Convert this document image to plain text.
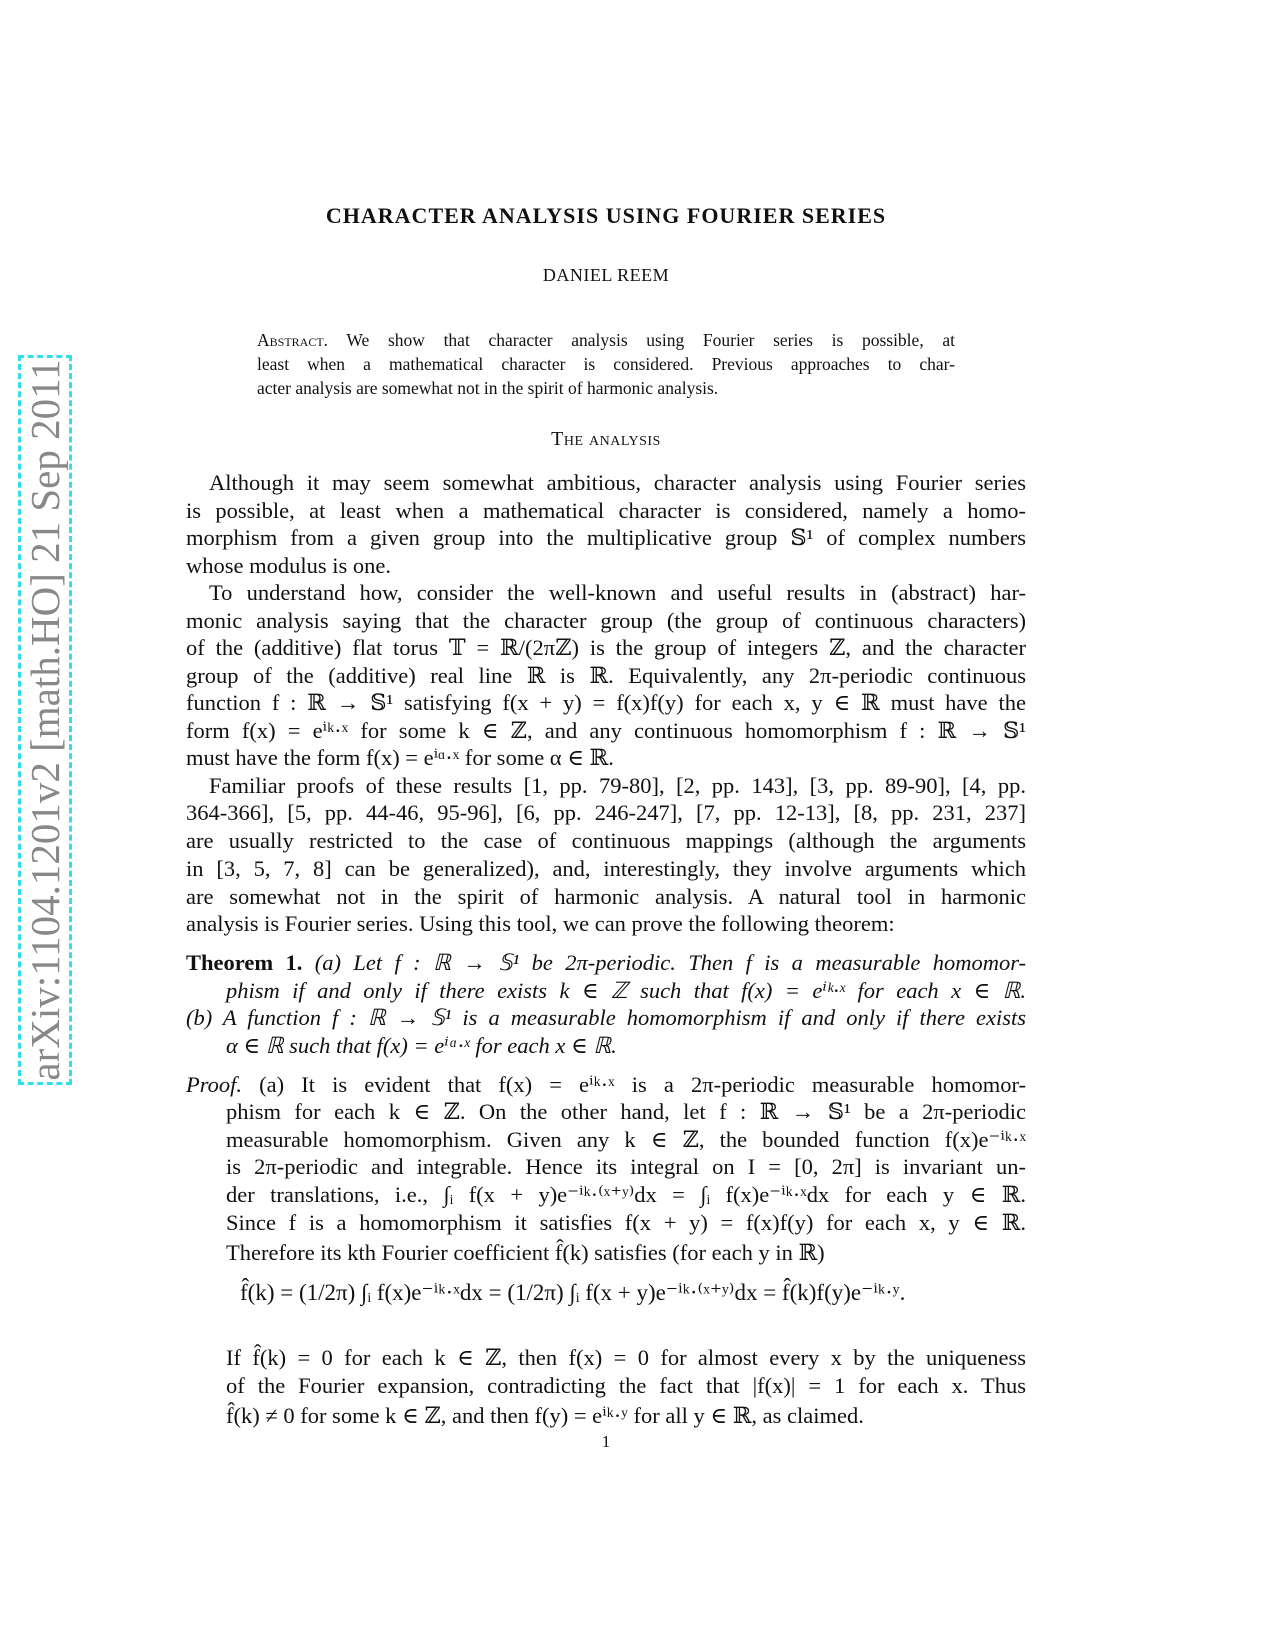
arXiv:1104.1201v2 [math.HO] 21 Sep 2011
CHARACTER ANALYSIS USING FOURIER SERIES
DANIEL REEM
Abstract. We show that character analysis using Fourier series is possible, at
least when a mathematical character is considered. Previous approaches to char-
acter analysis are somewhat not in the spirit of harmonic analysis.
The analysis
Although it may seem somewhat ambitious, character analysis using Fourier series
is possible, at least when a mathematical character is considered, namely a homo-
morphism from a given group into the multiplicative group 𝕊¹ of complex numbers
whose modulus is one.
To understand how, consider the well-known and useful results in (abstract) har-
monic analysis saying that the character group (the group of continuous characters)
of the (additive) flat torus 𝕋 = ℝ/(2πℤ) is the group of integers ℤ, and the character
group of the (additive) real line ℝ is ℝ. Equivalently, any 2π-periodic continuous
function f : ℝ → 𝕊¹ satisfying f(x + y) = f(x)f(y) for each x, y ∈ ℝ must have the
form f(x) = eⁱᵏ·ˣ for some k ∈ ℤ, and any continuous homomorphism f : ℝ → 𝕊¹
must have the form f(x) = eⁱᵅ·ˣ for some α ∈ ℝ.
Familiar proofs of these results [1, pp. 79-80], [2, pp. 143], [3, pp. 89-90], [4, pp.
364-366], [5, pp. 44-46, 95-96], [6, pp. 246-247], [7, pp. 12-13], [8, pp. 231, 237]
are usually restricted to the case of continuous mappings (although the arguments
in [3, 5, 7, 8] can be generalized), and, interestingly, they involve arguments which
are somewhat not in the spirit of harmonic analysis. A natural tool in harmonic
analysis is Fourier series. Using this tool, we can prove the following theorem:
Theorem 1. (a) Let f : ℝ → 𝕊¹ be 2π-periodic. Then f is a measurable homomor-
phism if and only if there exists k ∈ ℤ such that f(x) = eⁱᵏ·ˣ for each x ∈ ℝ.
(b) A function f : ℝ → 𝕊¹ is a measurable homomorphism if and only if there exists
α ∈ ℝ such that f(x) = eⁱᵅ·ˣ for each x ∈ ℝ.
Proof. (a) It is evident that f(x) = eⁱᵏ·ˣ is a 2π-periodic measurable homomor-
phism for each k ∈ ℤ. On the other hand, let f : ℝ → 𝕊¹ be a 2π-periodic
measurable homomorphism. Given any k ∈ ℤ, the bounded function f(x)e⁻ⁱᵏ·ˣ
is 2π-periodic and integrable. Hence its integral on I = [0, 2π] is invariant un-
der translations, i.e., ∫ᵢ f(x + y)e⁻ⁱᵏ·⁽ˣ⁺ʸ⁾dx = ∫ᵢ f(x)e⁻ⁱᵏ·ˣdx for each y ∈ ℝ.
Since f is a homomorphism it satisfies f(x + y) = f(x)f(y) for each x, y ∈ ℝ.
Therefore its kth Fourier coefficient f̂(k) satisfies (for each y in ℝ)
f̂(k) = (1/2π) ∫ᵢ f(x)e⁻ⁱᵏ·ˣdx = (1/2π) ∫ᵢ f(x + y)e⁻ⁱᵏ·⁽ˣ⁺ʸ⁾dx = f̂(k)f(y)e⁻ⁱᵏ·ʸ.
If f̂(k) = 0 for each k ∈ ℤ, then f(x) = 0 for almost every x by the uniqueness
of the Fourier expansion, contradicting the fact that |f(x)| = 1 for each x. Thus
f̂(k) ≠ 0 for some k ∈ ℤ, and then f(y) = eⁱᵏ·ʸ for all y ∈ ℝ, as claimed.
1
